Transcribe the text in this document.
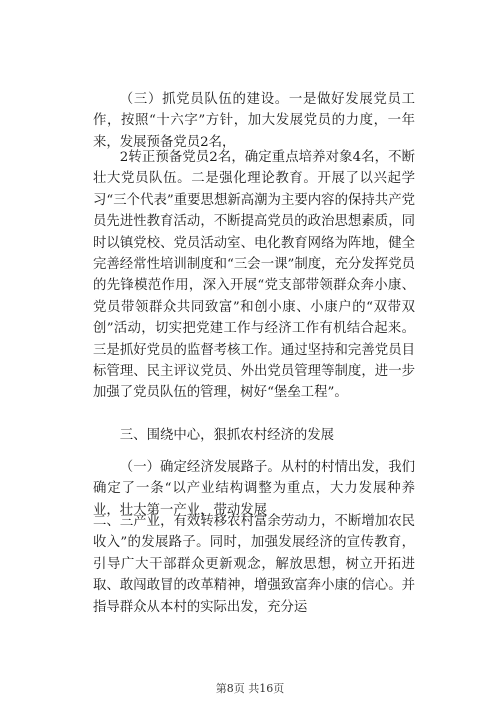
（三）抓党员队伍的建设。一是做好发展党员工作，按照“十六字”方针，加大发展党员的力度，一年来，发展预备党员2名，

2转正预备党员2名，确定重点培养对象4名，不断壮大党员队伍。二是强化理论教育。开展了以兴起学习“三个代表”重要思想新高潮为主要内容的保持共产党员先进性教育活动，不断提高党员的政治思想素质，同时以镇党校、党员活动室、电化教育网络为阵地，健全完善经常性培训制度和“三会一课”制度，充分发挥党员的先锋模范作用，深入开展“党支部带领群众奔小康、党员带领群众共同致富”和创小康、小康户的“双带双创”活动，切实把党建工作与经济工作有机结合起来。三是抓好党员的监督考核工作。通过坚持和完善党员目标管理、民主评议党员、外出党员管理等制度，进一步加强了党员队伍的管理，树好“堡垒工程”。

三、围绕中心，狠抓农村经济的发展

（一）确定经济发展路子。从村的村情出发，我们确定了一条“以产业结构调整为重点，大力发展种养业，壮大第一产业，带动发展

二、三产业，有效转移农村富余劳动力，不断增加农民收入”的发展路子。同时，加强发展经济的宣传教育，引导广大干部群众更新观念，解放思想，树立开拓进取、敢闯敢冒的改革精神，增强致富奔小康的信心。并指导群众从本村的实际出发，充分运

第8页 共16页
